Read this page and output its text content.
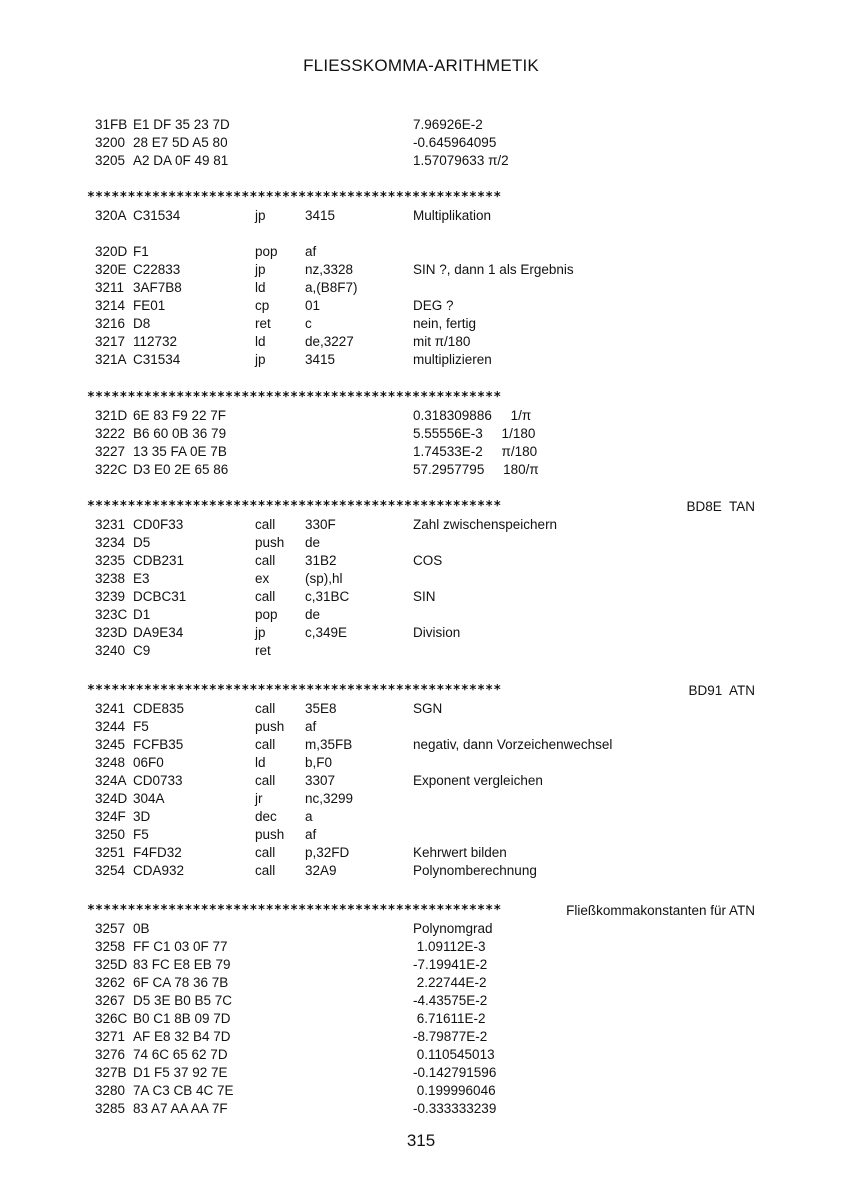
FLIESSKOMMA-ARITHMETIK
31FB E1 DF 35 23 7D	7.96926E-2
3200 28 E7 5D A5 80	-0.645964095
3205 A2 DA 0F 49 81	1.57079633 π/2

***************************************************

320A C31534	jp	3415	Multiplikation
320D F1	pop af
320E C22833	jp	nz,3328	SIN ?, dann 1 als Ergebnis
3211 3AF7B8	ld	a,(B8F7)
3214 FE01	cp	01	DEG ?
3216 D8	ret	c	nein, fertig
3217 112732	ld	de,3227	mit π/180
321A C31534	jp	3415	multiplizieren

***************************************************

321D 6E 83 F9 22 7F	0.318309886     1/π
3222 B6 60 0B 36 79	5.55556E-3     1/180
3227 13 35 FA 0E 7B	1.74533E-2     π/180
322C D3 E0 2E 65 86	57.2957795     180/π

***************************************************

	BD8E  TAN

3231 CD0F33	call 330F	Zahl zwischenspeichern
3234 D5	push de
3235 CDB231	call 31B2	COS
3238 E3	ex	(sp),hl
3239 DCBC31	call c,31BC	SIN
323C D1	pop de
323D DA9E34	jp	c,349E	Division
3240 C9	ret

***************************************************

	BD91  ATN

3241 CDE835	call 35E8	SGN
3244 F5	push af
3245 FCFB35	call m,35FB	negativ, dann Vorzeichenwechsel
3248 06F0	ld	b,F0
324A CD0733	call 3307	Exponent vergleichen
324D 304A	jr	nc,3299
324F 3D	dec a
3250 F5	push af
3251 F4FD32	call p,32FD	Kehrwert bilden
3254 CDA932	call 32A9	Polynomberechnung

***************************************************

	Fließkommakonstanten für ATN

3257 0B	Polynomgrad
3258 FF C1 03 0F 77	1.09112E-3
325D 83 FC E8 EB 79	-7.19941E-2
3262 6F CA 78 36 7B	2.22744E-2
3267 D5 3E B0 B5 7C	-4.43575E-2
326C B0 C1 8B 09 7D	6.71611E-2
3271 AF E8 32 B4 7D	-8.79877E-2
3276 74 6C 65 62 7D	0.110545013
327B D1 F5 37 92 7E	-0.142791596
3280 7A C3 CB 4C 7E	0.199996046
3285 83 A7 AA AA 7F	-0.333333239
315
